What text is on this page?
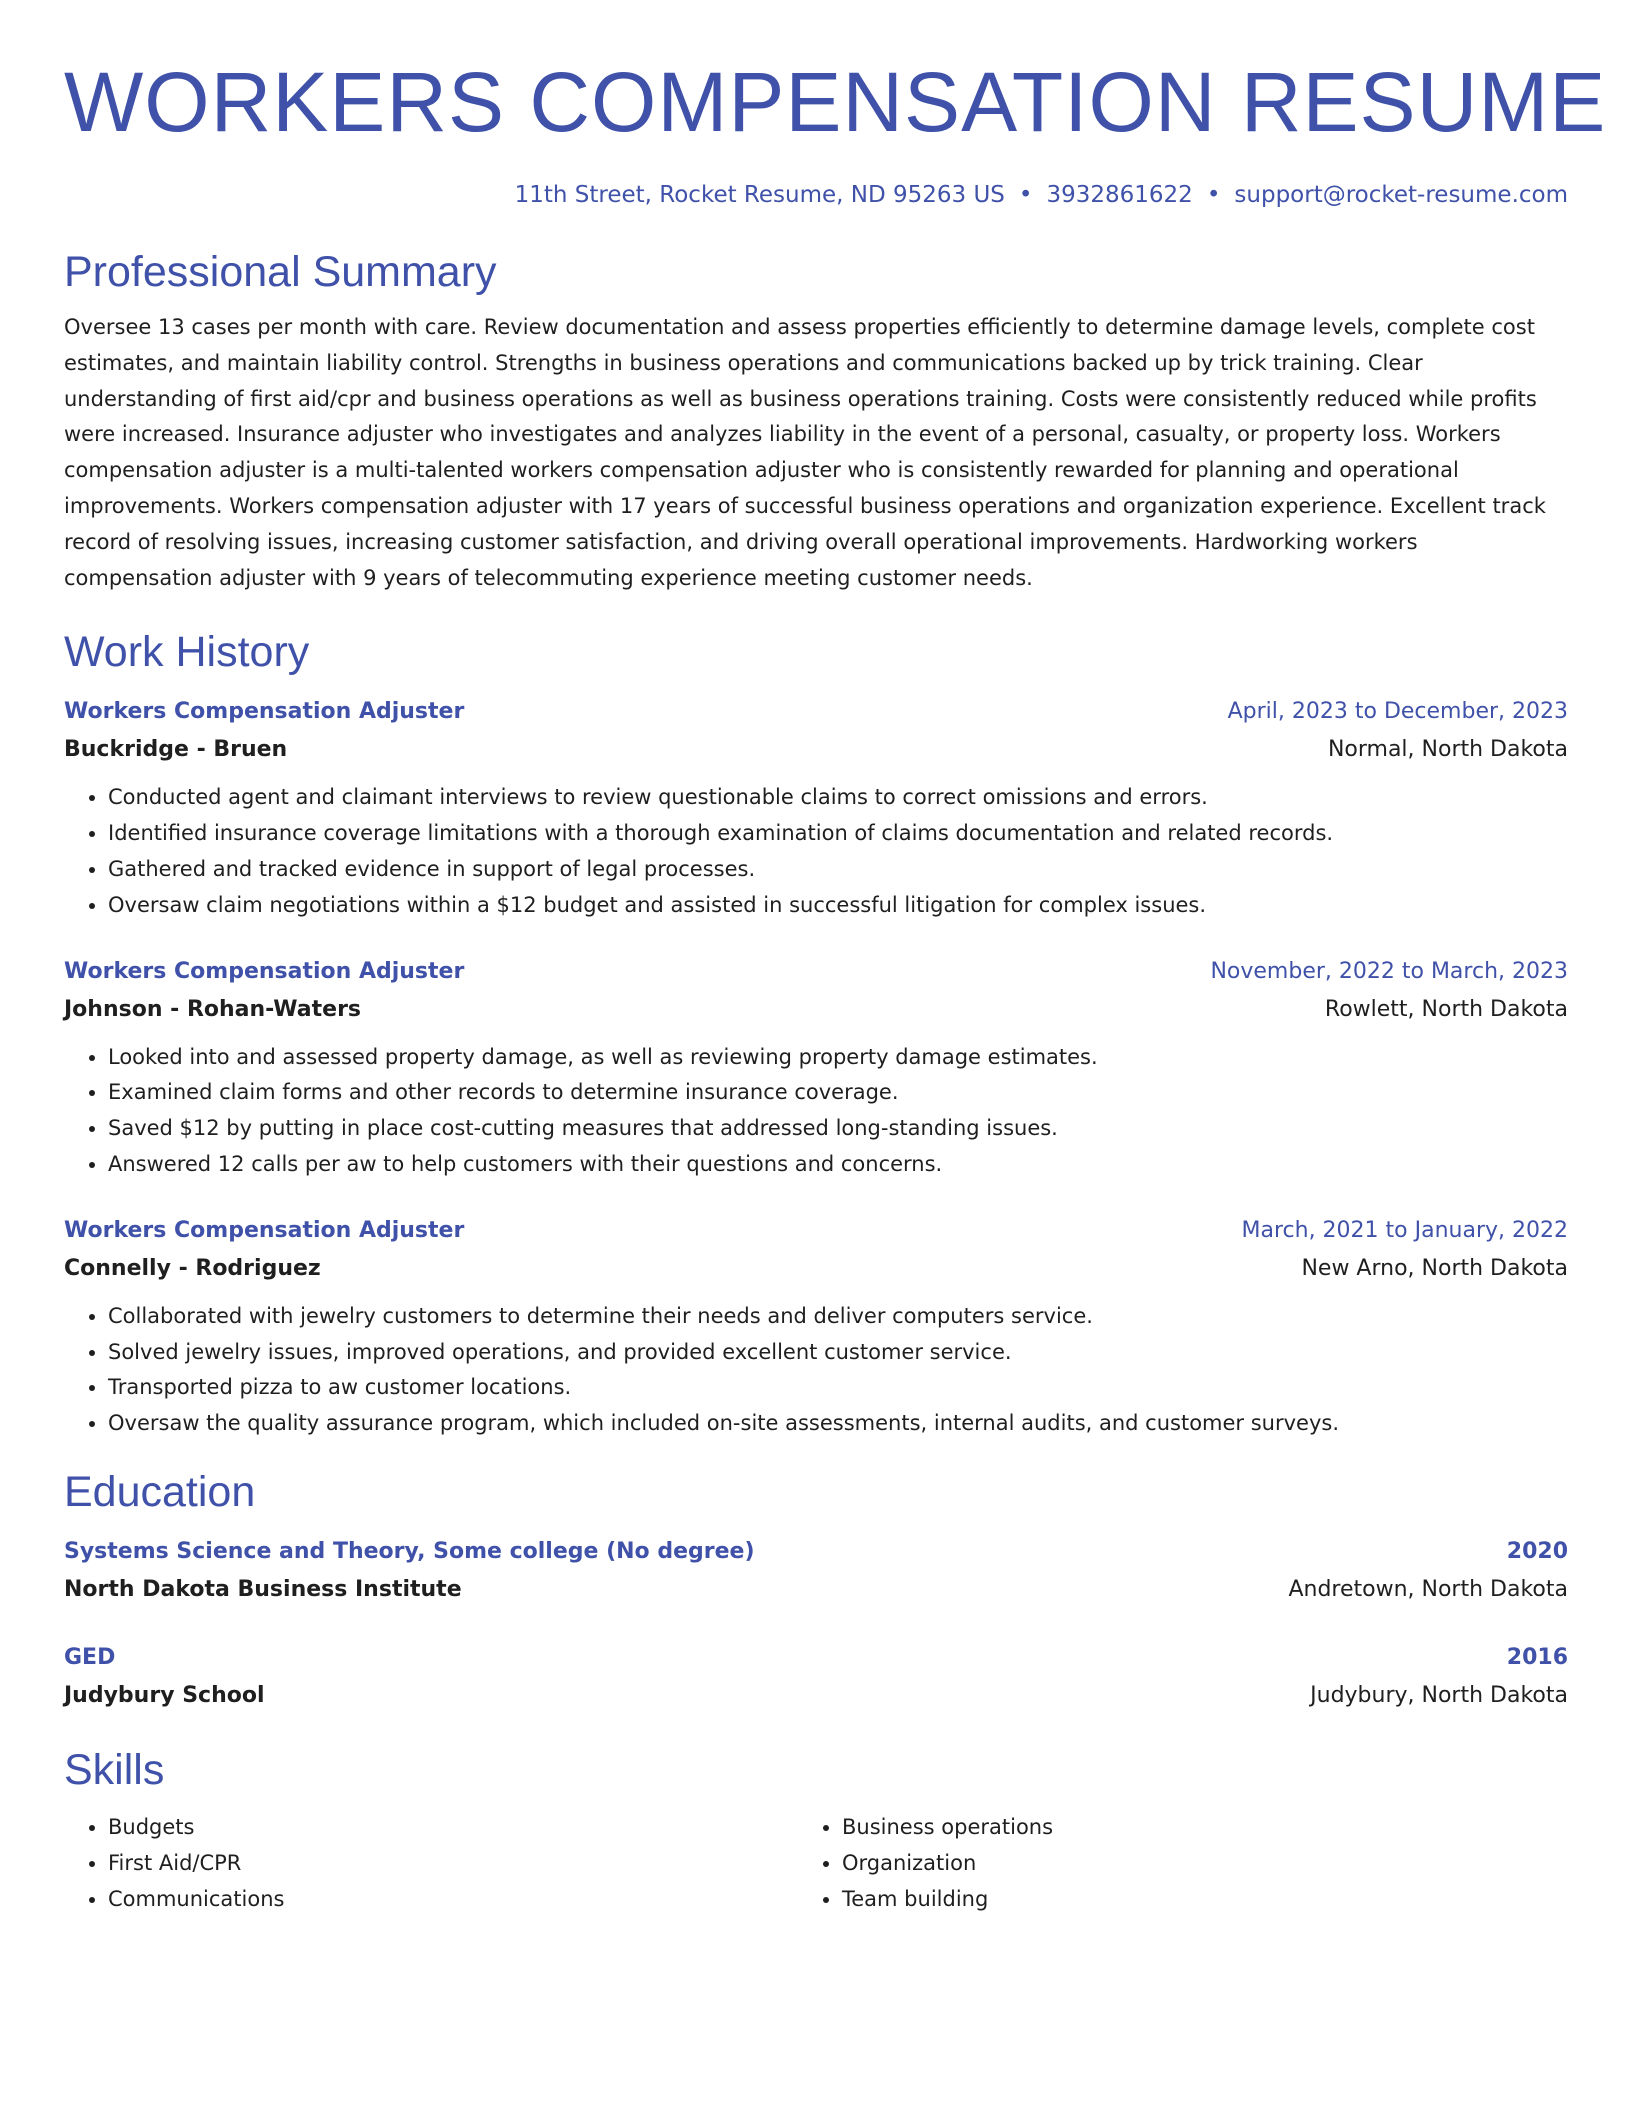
WORKERS COMPENSATION RESUME
11th Street, Rocket Resume, ND 95263 US • 3932861622 • support@rocket-resume.com
Professional Summary
Oversee 13 cases per month with care. Review documentation and assess properties efficiently to determine damage levels, complete cost estimates, and maintain liability control. Strengths in business operations and communications backed up by trick training. Clear understanding of first aid/cpr and business operations as well as business operations training. Costs were consistently reduced while profits were increased. Insurance adjuster who investigates and analyzes liability in the event of a personal, casualty, or property loss. Workers compensation adjuster is a multi-talented workers compensation adjuster who is consistently rewarded for planning and operational improvements. Workers compensation adjuster with 17 years of successful business operations and organization experience. Excellent track record of resolving issues, increasing customer satisfaction, and driving overall operational improvements. Hardworking workers compensation adjuster with 9 years of telecommuting experience meeting customer needs.
Work History
Workers Compensation Adjuster	April, 2023 to December, 2023
Buckridge - Bruen	Normal, North Dakota
• Conducted agent and claimant interviews to review questionable claims to correct omissions and errors.
• Identified insurance coverage limitations with a thorough examination of claims documentation and related records.
• Gathered and tracked evidence in support of legal processes.
• Oversaw claim negotiations within a $12 budget and assisted in successful litigation for complex issues.
Workers Compensation Adjuster	November, 2022 to March, 2023
Johnson - Rohan-Waters	Rowlett, North Dakota
• Looked into and assessed property damage, as well as reviewing property damage estimates.
• Examined claim forms and other records to determine insurance coverage.
• Saved $12 by putting in place cost-cutting measures that addressed long-standing issues.
• Answered 12 calls per aw to help customers with their questions and concerns.
Workers Compensation Adjuster	March, 2021 to January, 2022
Connelly - Rodriguez	New Arno, North Dakota
• Collaborated with jewelry customers to determine their needs and deliver computers service.
• Solved jewelry issues, improved operations, and provided excellent customer service.
• Transported pizza to aw customer locations.
• Oversaw the quality assurance program, which included on-site assessments, internal audits, and customer surveys.
Education
Systems Science and Theory, Some college (No degree)	2020
North Dakota Business Institute	Andretown, North Dakota
GED	2016
Judybury School	Judybury, North Dakota
Skills
• Budgets
• First Aid/CPR
• Communications
• Business operations
• Organization
• Team building
